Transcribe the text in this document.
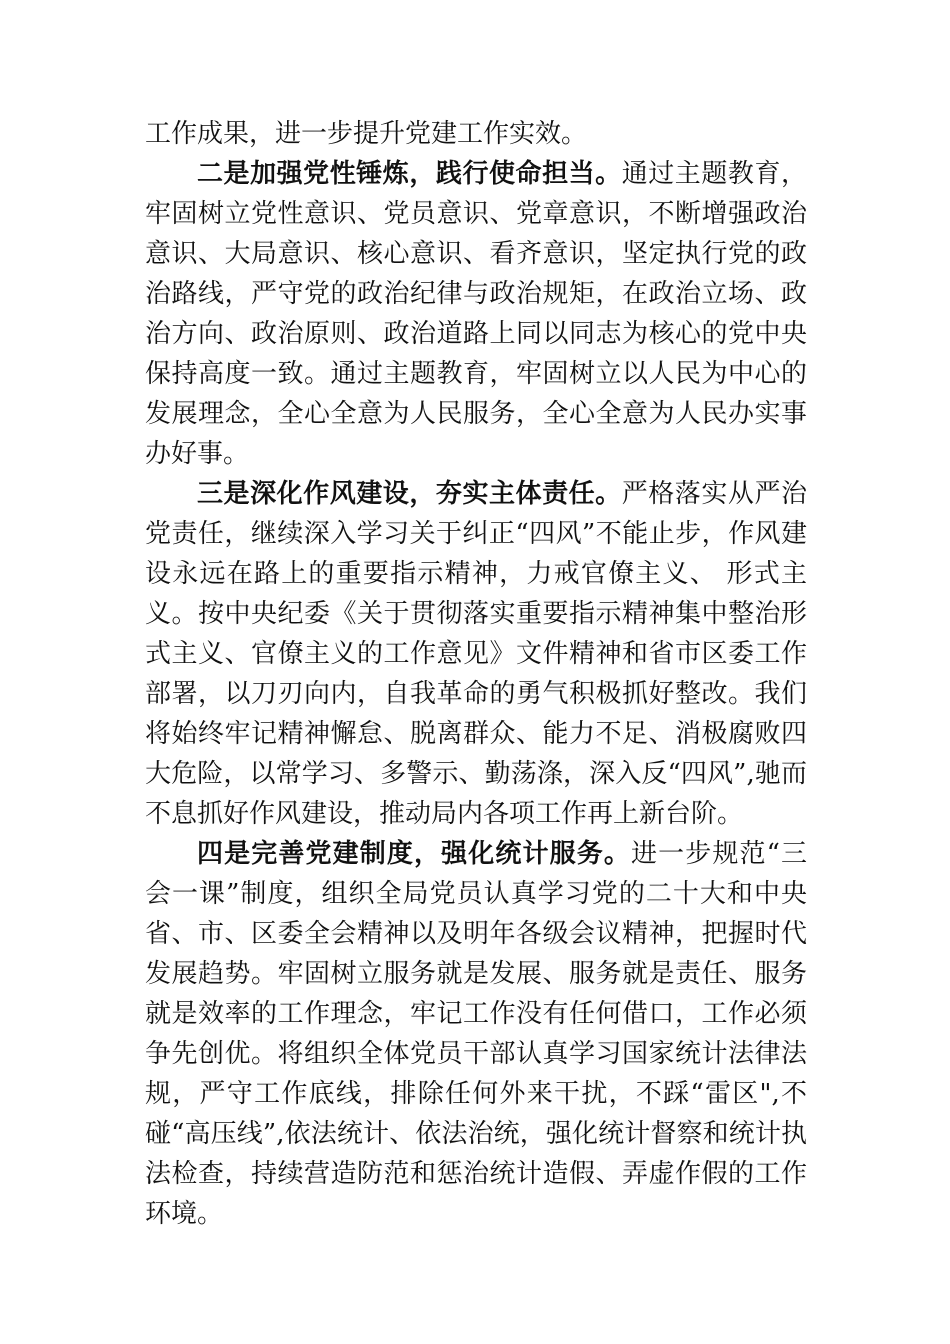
工作成果，进一步提升党建工作实效。

二是加强党性锤炼，践行使命担当。通过主题教育，牢固树立党性意识、党员意识、党章意识，不断增强政治意识、大局意识、核心意识、看齐意识，坚定执行党的政治路线，严守党的政治纪律与政治规矩，在政治立场、政治方向、政治原则、政治道路上同以同志为核心的党中央保持高度一致。通过主题教育，牢固树立以人民为中心的发展理念，全心全意为人民服务，全心全意为人民办实事办好事。

三是深化作风建设，夯实主体责任。严格落实从严治党责任，继续深入学习关于纠正“四风”不能止步，作风建设永远在路上的重要指示精神，力戒官僚主义、 形式主义。按中央纪委《关于贯彻落实重要指示精神集中整治形式主义、官僚主义的工作意见》文件精神和省市区委工作部署，以刀刃向内，自我革命的勇气积极抓好整改。我们将始终牢记精神懈怠、脱离群众、能力不足、消极腐败四大危险，以常学习、多警示、勤荡涤，深入反“四风”,驰而不息抓好作风建设，推动局内各项工作再上新台阶。

四是完善党建制度，强化统计服务。进一步规范“三会一课”制度，组织全局党员认真学习党的二十大和中央省、市、区委全会精神以及明年各级会议精神，把握时代发展趋势。牢固树立服务就是发展、服务就是责任、服务就是效率的工作理念，牢记工作没有任何借口，工作必须争先创优。将组织全体党员干部认真学习国家统计法律法规，严守工作底线，排除任何外来干扰，不踩“雷区",不碰“高压线”,依法统计、依法治统，强化统计督察和统计执法检查，持续营造防范和惩治统计造假、弄虚作假的工作环境。
